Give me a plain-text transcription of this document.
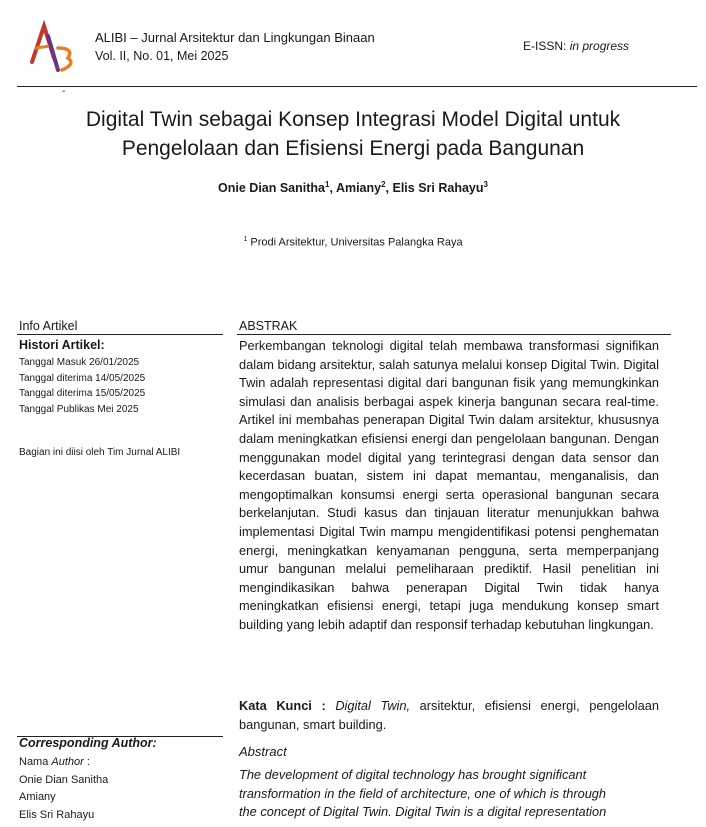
ALIBI – Jurnal Arsitektur dan Lingkungan Binaan
Vol. II, No. 01, Mei 2025
E-ISSN: in progress
-
Digital Twin sebagai Konsep Integrasi Model Digital untuk
Pengelolaan dan Efisiensi Energi pada Bangunan
Onie Dian Sanitha$^1$, Amiany$^2$, Elis Sri Rahayu$^3$
$^1$ Prodi Arsitektur, Universitas Palangka Raya
Info Artikel
Histori Artikel:
Tanggal Masuk 26/01/2025
Tanggal diterima 14/05/2025
Tanggal diterima 15/05/2025
Tanggal Publikas Mei 2025
Bagian ini diisi oleh Tim Jurnal ALIBI
ABSTRAK

Perkembangan teknologi digital telah membawa transformasi signifikan dalam bidang arsitektur, salah satunya melalui konsep Digital Twin. Digital Twin adalah representasi digital dari bangunan fisik yang memungkinkan simulasi dan analisis berbagai aspek kinerja bangunan secara real-time. Artikel ini membahas penerapan Digital Twin dalam arsitektur, khususnya dalam meningkatkan efisiensi energi dan pengelolaan bangunan. Dengan menggunakan model digital yang terintegrasi dengan data sensor dan kecerdasan buatan, sistem ini dapat memantau, menganalisis, dan mengoptimalkan konsumsi energi serta operasional bangunan secara berkelanjutan. Studi kasus dan tinjauan literatur menunjukkan bahwa implementasi Digital Twin mampu mengidentifikasi potensi penghematan energi, meningkatkan kenyamanan pengguna, serta memperpanjang umur bangunan melalui pemeliharaan prediktif. Hasil penelitian ini mengindikasikan bahwa penerapan Digital Twin tidak hanya meningkatkan efisiensi energi, tetapi juga mendukung konsep smart building yang lebih adaptif dan responsif terhadap kebutuhan lingkungan.

Kata Kunci : Digital Twin, arsitektur, efisiensi energi, pengelolaan bangunan, smart building.

Corresponding Author:
Nama Author :
Onie Dian Sanitha
Amiany
Elis Sri Rahayu
Abstract
The development of digital technology has brought significant
transformation in the field of architecture, one of which is through
the concept of Digital Twin. Digital Twin is a digital representation
